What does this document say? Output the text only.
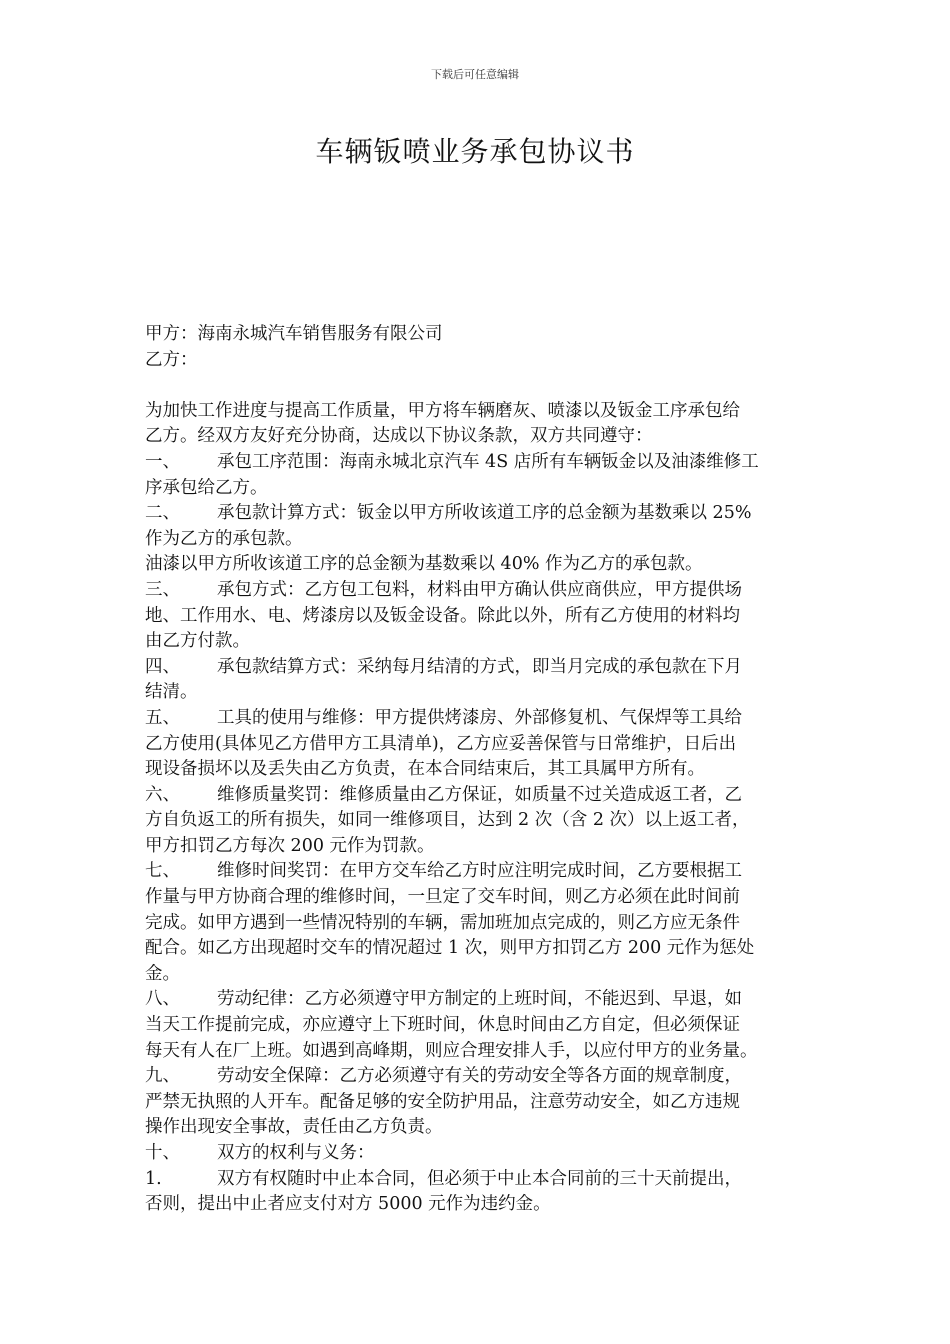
下载后可任意编辑
车辆钣喷业务承包协议书
甲方：海南永城汽车销售服务有限公司
乙方：
为加快工作进度与提高工作质量，甲方将车辆磨灰、喷漆以及钣金工序承包给
乙方。经双方友好充分协商，达成以下协议条款，双方共同遵守：
一、 承包工序范围：海南永城北京汽车 4S 店所有车辆钣金以及油漆维修工
序承包给乙方。
二、 承包款计算方式：钣金以甲方所收该道工序的总金额为基数乘以 25%
作为乙方的承包款。
油漆以甲方所收该道工序的总金额为基数乘以 40% 作为乙方的承包款。
三、 承包方式：乙方包工包料，材料由甲方确认供应商供应，甲方提供场
地、工作用水、电、烤漆房以及钣金设备。除此以外，所有乙方使用的材料均
由乙方付款。
四、 承包款结算方式：采纳每月结清的方式，即当月完成的承包款在下月
结清。
五、 工具的使用与维修：甲方提供烤漆房、外部修复机、气保焊等工具给
乙方使用(具体见乙方借甲方工具清单)，乙方应妥善保管与日常维护，日后出
现设备损坏以及丢失由乙方负责，在本合同结束后，其工具属甲方所有。
六、 维修质量奖罚：维修质量由乙方保证，如质量不过关造成返工者，乙
方自负返工的所有损失，如同一维修项目，达到 2 次（含 2 次）以上返工者，
甲方扣罚乙方每次 200 元作为罚款。
七、 维修时间奖罚：在甲方交车给乙方时应注明完成时间，乙方要根据工
作量与甲方协商合理的维修时间，一旦定了交车时间，则乙方必须在此时间前
完成。如甲方遇到一些情况特别的车辆，需加班加点完成的，则乙方应无条件
配合。如乙方出现超时交车的情况超过 1 次，则甲方扣罚乙方 200 元作为惩处
金。
八、 劳动纪律：乙方必须遵守甲方制定的上班时间，不能迟到、早退，如
当天工作提前完成，亦应遵守上下班时间，休息时间由乙方自定，但必须保证
每天有人在厂上班。如遇到高峰期，则应合理安排人手，以应付甲方的业务量。
九、 劳动安全保障：乙方必须遵守有关的劳动安全等各方面的规章制度，
严禁无执照的人开车。配备足够的安全防护用品，注意劳动安全，如乙方违规
操作出现安全事故，责任由乙方负责。
十、 双方的权利与义务：
1.	双方有权随时中止本合同，但必须于中止本合同前的三十天前提出，
否则，提出中止者应支付对方 5000 元作为违约金。
